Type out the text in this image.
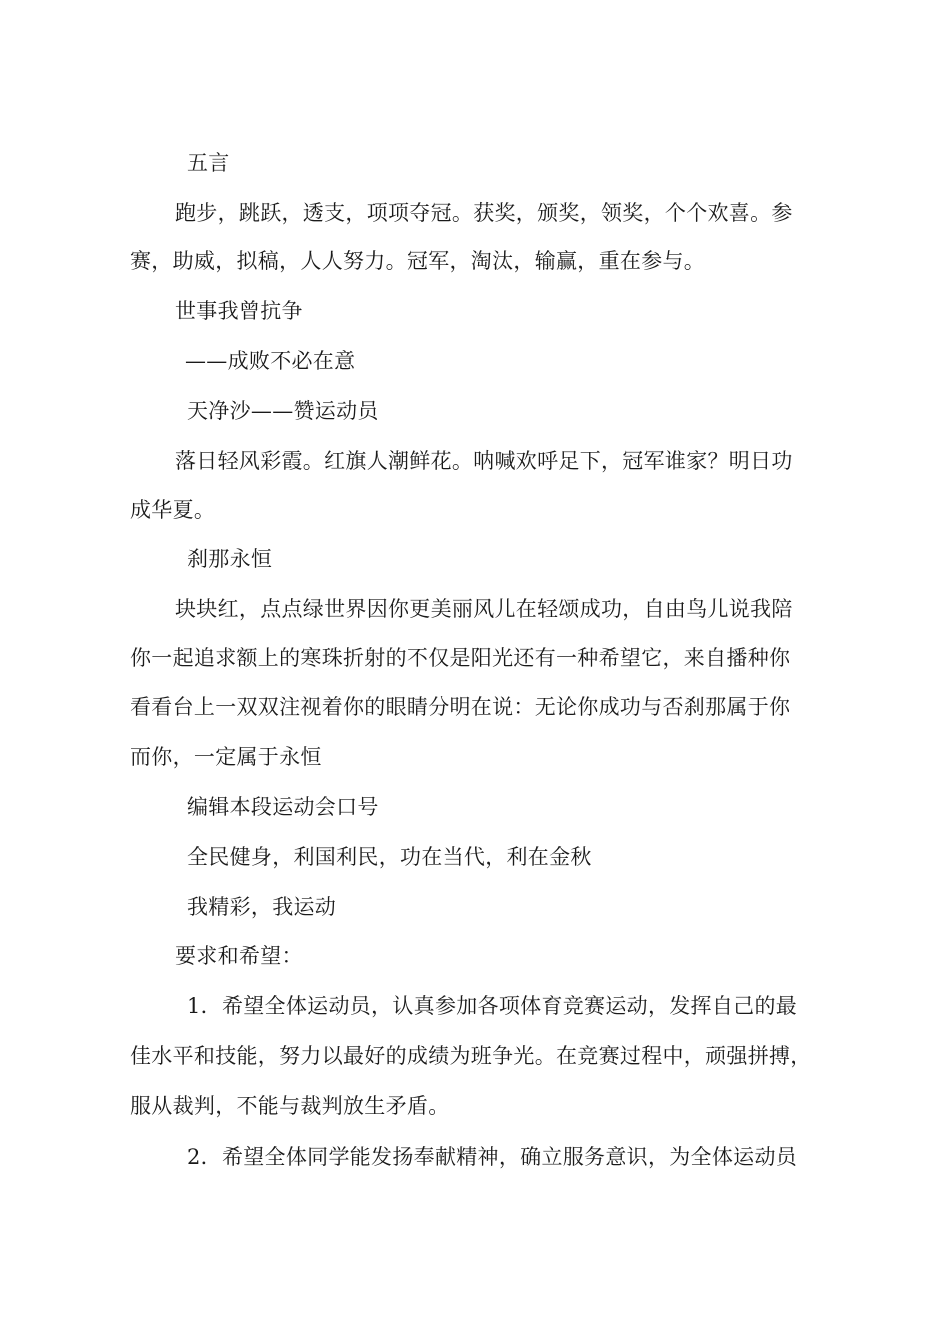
五言
跑步，跳跃，透支，项项夺冠。获奖，颁奖，领奖，个个欢喜。参
赛，助威，拟稿，人人努力。冠军，淘汰，输赢，重在参与。
世事我曾抗争
——成败不必在意
天净沙——赞运动员
落日轻风彩霞。红旗人潮鲜花。呐喊欢呼足下，冠军谁家？明日功
成华夏。
刹那永恒
块块红，点点绿世界因你更美丽风儿在轻颂成功，自由鸟儿说我陪
你一起追求额上的寒珠折射的不仅是阳光还有一种希望它，来自播种你
看看台上一双双注视着你的眼睛分明在说：无论你成功与否刹那属于你
而你，一定属于永恒
编辑本段运动会口号
全民健身，利国利民，功在当代，利在金秋
我精彩，我运动
要求和希望：
1．希望全体运动员，认真参加各项体育竞赛运动，发挥自己的最
佳水平和技能，努力以最好的成绩为班争光。在竞赛过程中，顽强拼搏，
服从裁判，不能与裁判放生矛盾。
2．希望全体同学能发扬奉献精神，确立服务意识，为全体运动员
